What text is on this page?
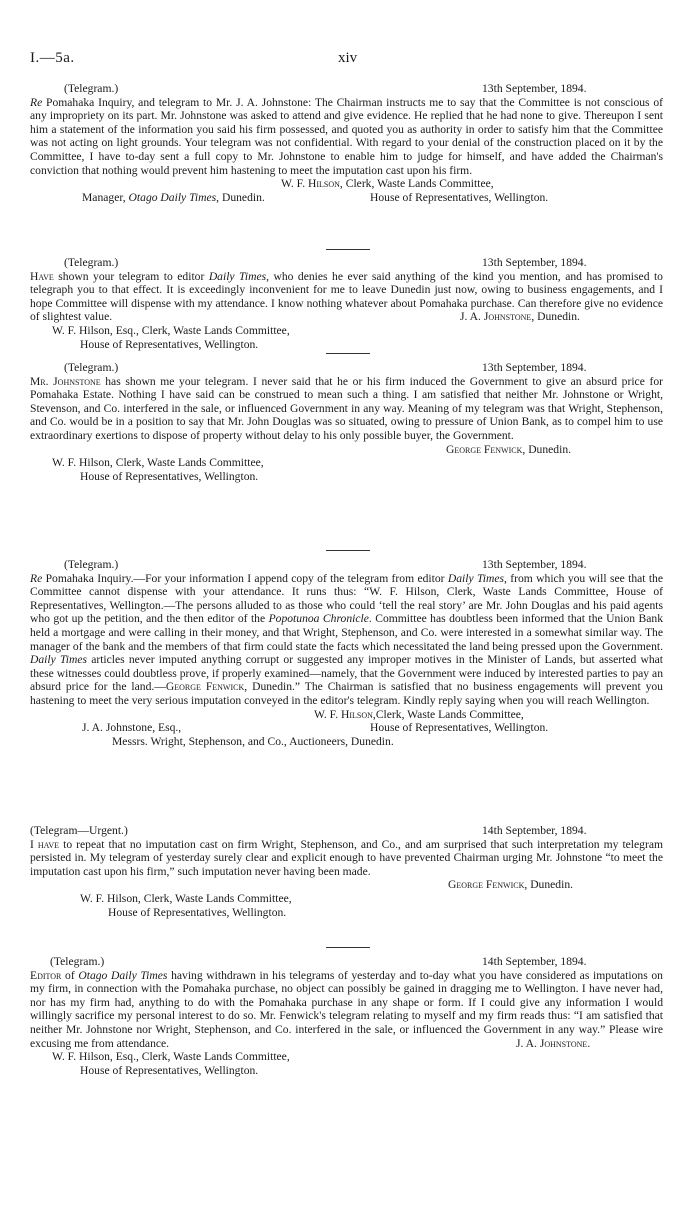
I.—5a.	xiv
(Telegram.)	13th September, 1894.

Re Pomahaka Inquiry, and telegram to Mr. J. A. Johnstone: The Chairman instructs me to say that the Committee is not conscious of any impropriety on its part. Mr. Johnstone was asked to attend and give evidence. He replied that he had none to give. Thereupon I sent him a statement of the information you said his firm possessed, and quoted you as authority in order to satisfy him that the Committee was not acting on light grounds. Your telegram was not confidential. With regard to your denial of the construction placed on it by the Committee, I have to-day sent a full copy to Mr. Johnstone to enable him to judge for himself, and have added the Chairman's conviction that nothing would prevent him hastening to meet the imputation cast upon his firm.

W. F. Hilson, Clerk, Waste Lands Committee,
Manager, Otago Daily Times, Dunedin.	House of Representatives, Wellington.
(Telegram.)	13th September, 1894.

Have shown your telegram to editor Daily Times, who denies he ever said anything of the kind you mention, and has promised to telegraph you to that effect. It is exceedingly inconvenient for me to leave Dunedin just now, owing to business engagements, and I hope Committee will dispense with my attendance. I know nothing whatever about Pomahaka purchase. Can therefore give no evidence of slightest value.	J. A. Johnstone, Dunedin.
W. F. Hilson, Esq., Clerk, Waste Lands Committee,
House of Representatives, Wellington.
(Telegram.)	13th September, 1894.

Mr. Johnstone has shown me your telegram. I never said that he or his firm induced the Government to give an absurd price for Pomahaka Estate. Nothing I have said can be construed to mean such a thing. I am satisfied that neither Mr. Johnstone or Wright, Stevenson, and Co. interfered in the sale, or influenced Government in any way. Meaning of my telegram was that Wright, Stephenson, and Co. would be in a position to say that Mr. John Douglas was so situated, owing to pressure of Union Bank, as to compel him to use extraordinary exertions to dispose of property without delay to his only possible buyer, the Government.

George Fenwick, Dunedin.
W. F. Hilson, Clerk, Waste Lands Committee,
House of Representatives, Wellington.
(Telegram.)	13th September, 1894.

Re Pomahaka Inquiry.—For your information I append copy of the telegram from editor Daily Times, from which you will see that the Committee cannot dispense with your attendance. It runs thus: “W. F. Hilson, Clerk, Waste Lands Committee, House of Representatives, Wellington.—The persons alluded to as those who could ‘tell the real story’ are Mr. John Douglas and his paid agents who got up the petition, and the then editor of the Popotunoa Chronicle. Committee has doubtless been informed that the Union Bank held a mortgage and were calling in their money, and that Wright, Stephenson, and Co. were interested in a somewhat similar way. The manager of the bank and the members of that firm could state the facts which necessitated the land being pressed upon the Government. Daily Times articles never imputed anything corrupt or suggested any improper motives in the Minister of Lands, but asserted what these witnesses could doubtless prove, if properly examined—namely, that the Government were induced by interested parties to pay an absurd price for the land.—George Fenwick, Dunedin.” The Chairman is satisfied that no business engagements will prevent you hastening to meet the very serious imputation conveyed in the editor's telegram. Kindly reply saying when you will reach Wellington.

W. F. Hilson,Clerk, Waste Lands Committee,
J. A. Johnstone, Esq.,	House of Representatives, Wellington.
Messrs. Wright, Stephenson, and Co., Auctioneers, Dunedin.
(Telegram—Urgent.)	14th September, 1894.

I have to repeat that no imputation cast on firm Wright, Stephenson, and Co., and am surprised that such interpretation my telegram persisted in. My telegram of yesterday surely clear and explicit enough to have prevented Chairman urging Mr. Johnstone “to meet the imputation cast upon his firm,” such imputation never having been made.

George Fenwick, Dunedin.
W. F. Hilson, Clerk, Waste Lands Committee,
House of Representatives, Wellington.
(Telegram.)	14th September, 1894.

Editor of Otago Daily Times having withdrawn in his telegrams of yesterday and to-day what you have considered as imputations on my firm, in connection with the Pomahaka purchase, no object can possibly be gained in dragging me to Wellington. I have never had, nor has my firm had, anything to do with the Pomahaka purchase in any shape or form. If I could give any information I would willingly sacrifice my personal interest to do so. Mr. Fenwick's telegram relating to myself and my firm reads thus: “I am satisfied that neither Mr. Johnstone nor Wright, Stephenson, and Co. interfered in the sale, or influenced the Government in any way.” Please wire excusing me from attendance.	J. A. Johnstone.
W. F. Hilson, Esq., Clerk, Waste Lands Committee,
House of Representatives, Wellington.
